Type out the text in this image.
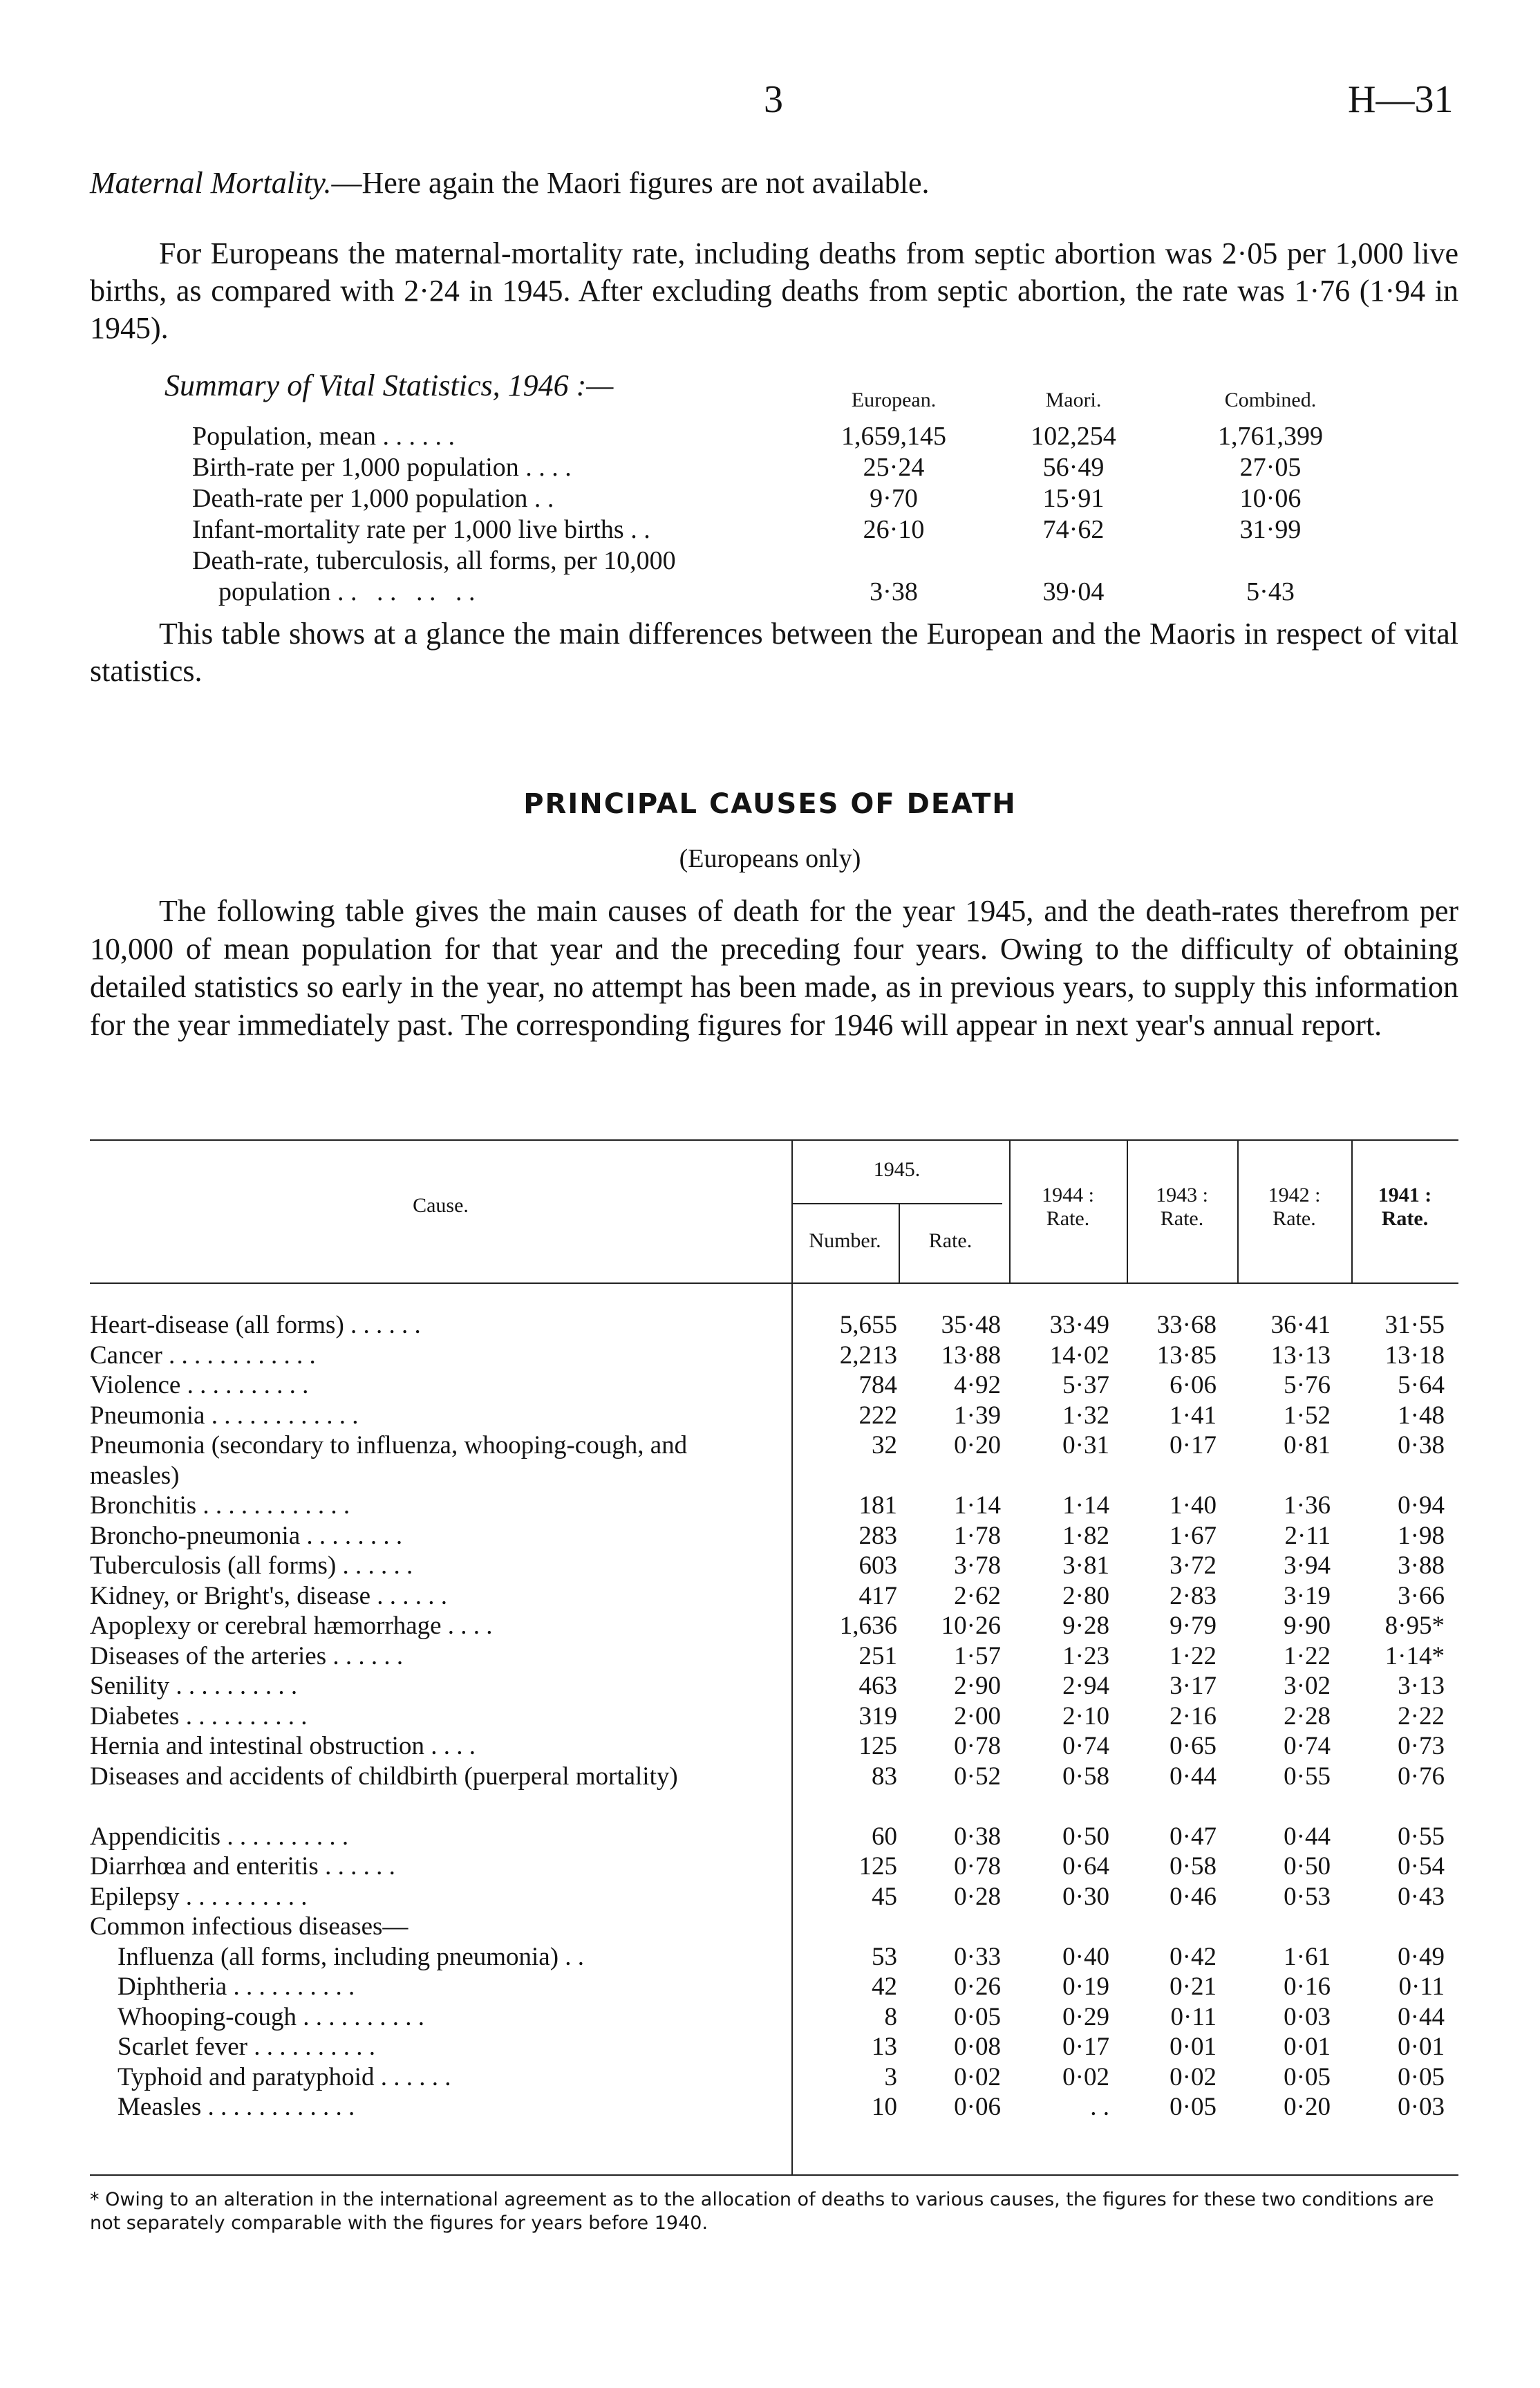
3	H—31
Maternal Mortality.—Here again the Maori figures are not available.
For Europeans the maternal-mortality rate, including deaths from septic abortion was 2·05 per 1,000 live births, as compared with 2·24 in 1945. After excluding deaths from septic abortion, the rate was 1·76 (1·94 in 1945).
Summary of Vital Statistics, 1946 :—
		European.	Maori.	Combined.
Population, mean . . . . . .	1,659,145	102,254	1,761,399
Birth-rate per 1,000 population . . . .	25·24	56·49	27·05
Death-rate per 1,000 population . .	9·70	15·91	10·06
Infant-mortality rate per 1,000 live births . .	26·10	74·62	31·99
Death-rate, tuberculosis, all forms, per 10,000			
population . .   . .   . .   . .	3·38	39·04	5·43
This table shows at a glance the main differences between the European and the Maoris in respect of vital statistics.
PRINCIPAL CAUSES OF DEATH
(Europeans only)
The following table gives the main causes of death for the year 1945, and the death-rates therefrom per 10,000 of mean population for that year and the preceding four years. Owing to the difficulty of obtaining detailed statistics so early in the year, no attempt has been made, as in previous years, to supply this information for the year immediately past. The corresponding figures for 1946 will appear in next year's annual report.
Cause.
1945.
Number.	Rate.
1944 :
Rate.
1943 :
Rate.
1942 :
Rate.
1941 :
Rate.
Heart-disease (all forms) . . . . . .	5,655	35·48	33·49	33·68	36·41	31·55
Cancer . . . . . . . . . . . .	2,213	13·88	14·02	13·85	13·13	13·18
Violence . . . . . . . . . .	784	4·92	5·37	6·06	5·76	5·64
Pneumonia . . . . . . . . . . . .	222	1·39	1·32	1·41	1·52	1·48
Pneumonia (secondary to influenza, whooping-cough, and measles)
32	0·20	0·31	0·17	0·81	0·38
Bronchitis . . . . . . . . . . . .	181	1·14	1·14	1·40	1·36	0·94
Broncho-pneumonia . . . . . . . .	283	1·78	1·82	1·67	2·11	1·98
Tuberculosis (all forms) . . . . . .	603	3·78	3·81	3·72	3·94	3·88
Kidney, or Bright's, disease . . . . . .	417	2·62	2·80	2·83	3·19	3·66
Apoplexy or cerebral hæmorrhage . . . .	1,636	10·26	9·28	9·79	9·90	8·95*
Diseases of the arteries . . . . . .	251	1·57	1·23	1·22	1·22	1·14*
Senility . . . . . . . . . .	463	2·90	2·94	3·17	3·02	3·13
Diabetes . . . . . . . . . .	319	2·00	2·10	2·16	2·28	2·22
Hernia and intestinal obstruction . . . .	125	0·78	0·74	0·65	0·74	0·73
Diseases and accidents of childbirth (puerperal mortality)	83	0·52	0·58	0·44	0·55	0·76
Appendicitis . . . . . . . . . .	60	0·38	0·50	0·47	0·44	0·55
Diarrhœa and enteritis . . . . . .	125	0·78	0·64	0·58	0·50	0·54
Epilepsy . . . . . . . . . .	45	0·28	0·30	0·46	0·53	0·43
Common infectious diseases—
Influenza (all forms, including pneumonia) . .	53	0·33	0·40	0·42	1·61	0·49
Diphtheria . . . . . . . . . .	42	0·26	0·19	0·21	0·16	0·11
Whooping-cough . . . . . . . . . .	8	0·05	0·29	0·11	0·03	0·44
Scarlet fever . . . . . . . . . .	13	0·08	0·17	0·01	0·01	0·01
Typhoid and paratyphoid . . . . . .	3	0·02	0·02	0·02	0·05	0·05
Measles . . . . . . . . . . . .	10	0·06	. .	0·05	0·20	0·03
* Owing to an alteration in the international agreement as to the allocation of deaths to various causes, the figures for these two conditions are not separately comparable with the figures for years before 1940.
